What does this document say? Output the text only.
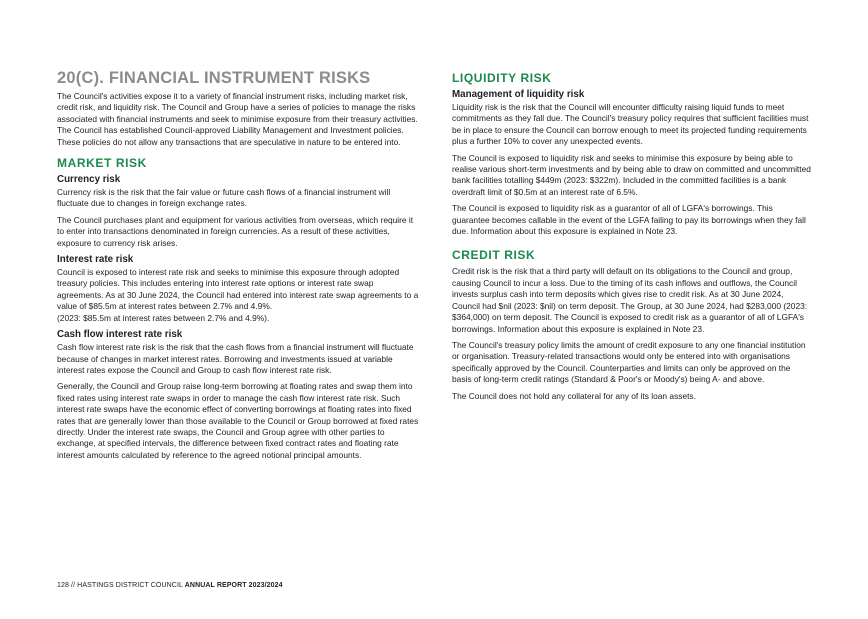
20(C). FINANCIAL INSTRUMENT RISKS

The Council's activities expose it to a variety of financial instrument risks, including market risk, credit risk, and liquidity risk. The Council and Group have a series of policies to manage the risks associated with financial instruments and seek to minimise exposure from their treasury activities. The Council has established Council-approved Liability Management and Investment policies. These policies do not allow any transactions that are speculative in nature to be entered into.

MARKET RISK
Currency risk

Currency risk is the risk that the fair value or future cash flows of a financial instrument will fluctuate due to changes in foreign exchange rates.

The Council purchases plant and equipment for various activities from overseas, which require it to enter into transactions denominated in foreign currencies. As a result of these activities, exposure to currency risk arises.

Interest rate risk

Council is exposed to interest rate risk and seeks to minimise this exposure through adopted treasury policies. This includes entering into interest rate options or interest rate swap agreements. As at 30 June 2024, the Council had entered into interest rate swap agreements to a value of $85.5m at interest rates between 2.7% and 4.9%.

(2023: $85.5m at interest rates between 2.7% and 4.9%).

Cash flow interest rate risk

Cash flow interest rate risk is the risk that the cash flows from a financial instrument will fluctuate because of changes in market interest rates. Borrowing and investments issued at variable interest rates expose the Council and Group to cash flow interest rate risk.

Generally, the Council and Group raise long-term borrowing at floating rates and swap them into fixed rates using interest rate swaps in order to manage the cash flow interest rate risk. Such interest rate swaps have the economic effect of converting borrowings at floating rates into fixed rates that are generally lower than those available to the Council or Group borrowed at fixed rates directly. Under the interest rate swaps, the Council and Group agree with other parties to exchange, at specified intervals, the difference between fixed contract rates and floating rate interest amounts calculated by reference to the agreed notional principal amounts.

LIQUIDITY RISK
Management of liquidity risk

Liquidity risk is the risk that the Council will encounter difficulty raising liquid funds to meet commitments as they fall due. The Council's treasury policy requires that sufficient facilities must be in place to ensure the Council can borrow enough to meet its projected funding requirements plus a further 10% to cover any unexpected events.

The Council is exposed to liquidity risk and seeks to minimise this exposure by being able to realise various short-term investments and by being able to draw on committed and uncommitted bank facilities totalling $449m (2023: $322m). Included in the committed facilities is a bank overdraft limit of $0.5m at an interest rate of 6.5%.

The Council is exposed to liquidity risk as a guarantor of all of LGFA's borrowings. This guarantee becomes callable in the event of the LGFA failing to pay its borrowings when they fall due. Information about this exposure is explained in Note 23.

CREDIT RISK

Credit risk is the risk that a third party will default on its obligations to the Council and group, causing Council to incur a loss. Due to the timing of its cash inflows and outflows, the Council invests surplus cash into term deposits which gives rise to credit risk. As at 30 June 2024, Council had $nil (2023: $nil) on term deposit. The Group, at 30 June 2024, had $283,000 (2023: $364,000) on term deposit. The Council is exposed to credit risk as a guarantor of all of LGFA's borrowings. Information about this exposure is explained in Note 23.

The Council's treasury policy limits the amount of credit exposure to any one financial institution or organisation. Treasury-related transactions would only be entered into with organisations specifically approved by the Council. Counterparties and limits can only be approved on the basis of long-term credit ratings (Standard & Poor's or Moody's) being A- and above.

The Council does not hold any collateral for any of its loan assets.

128 // HASTINGS DISTRICT COUNCIL ANNUAL REPORT 2023/2024
